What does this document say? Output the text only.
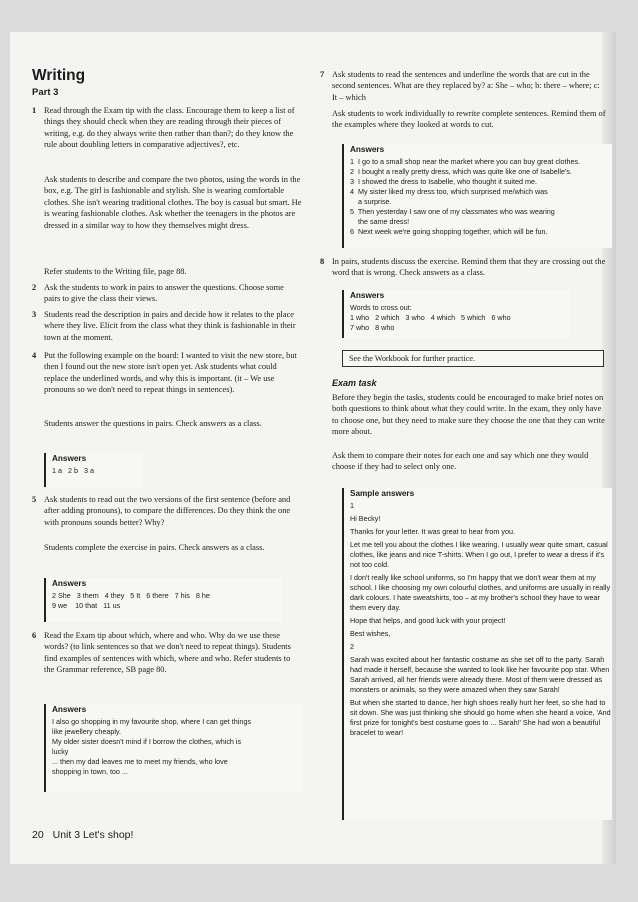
Writing
Part 3
1 Read through the Exam tip with the class. Encourage them to keep a list of things they should check when they are reading through their pieces of writing, e.g. do they always write then rather than than?; do they know the rule about doubling letters in comparative adjectives?, etc.

Ask students to describe and compare the two photos, using the words in the box, e.g. The girl is fashionable and stylish. She is wearing comfortable clothes. She isn't wearing traditional clothes. The boy is casual but smart. He is wearing fashionable clothes. Ask whether the teenagers in the photos are dressed in a similar way to how they themselves might dress.

Refer students to the Writing file, page 88.

2 Ask the students to work in pairs to answer the questions. Choose some pairs to give the class their views.

3 Students read the description in pairs and decide how it relates to the place where they live. Elicit from the class what they think is fashionable in their town at the moment.

4 Put the following example on the board: I wanted to visit the new store, but then I found out the new store isn't open yet. Ask students what could replace the underlined words, and why this is important. (it – We use pronouns so we don't need to repeat things in sentences).

Students answer the questions in pairs. Check answers as a class.

Answers
1 a   2 b   3 a
5 Ask students to read out the two versions of the first sentence (before and after adding pronouns), to compare the differences. Do they think the one with pronouns sounds better? Why?

Students complete the exercise in pairs. Check answers as a class.

Answers
2 She   3 them   4 they   5 It   6 there   7 his   8 he
9 we    10 that   11 us
6 Read the Exam tip about which, where and who. Why do we use these words? (to link sentences so that we don't need to repeat things). Students find examples of sentences with which, where and who. Refer students to the Grammar reference, SB page 80.

Answers
I also go shopping in my favourite shop, where I can get things
like jewellery cheaply.
My older sister doesn't mind if I borrow the clothes, which is
lucky
... then my dad leaves me to meet my friends, who love
shopping in town, too ...
7 Ask students to read the sentences and underline the words that are cut in the second sentences. What are they replaced by? a: She – who; b: there – where; c: It – which

Ask students to work individually to rewrite complete sentences. Remind them of the examples where they looked at words to cut.

Answers
1  I go to a small shop near the market where you can buy great clothes.
2  I bought a really pretty dress, which was quite like one of Isabelle's.
3  I showed the dress to Isabelle, who thought it suited me.
4  My sister liked my dress too, which surprised me/which was
a surprise.
5  Then yesterday I saw one of my classmates who was wearing
the same dress!
6  Next week we're going shopping together, which will be fun.
8 In pairs, students discuss the exercise. Remind them that they are crossing out the word that is wrong. Check answers as a class.

Answers
Words to cross out:
1 who   2 which   3 who   4 which   5 which   6 who
7 who   8 who
See the Workbook for further practice.
Exam task

Before they begin the tasks, students could be encouraged to make brief notes on both questions to think about what they could write. In the exam, they only have to choose one, but they need to make sure they choose the one that they can write more about.

Ask them to compare their notes for each one and say which one they would choose if they had to select only one.

Sample answers
1
Hi Becky!
Thanks for your letter. It was great to hear from you.
Let me tell you about the clothes I like wearing. I usually wear quite smart, casual clothes, like jeans and nice T-shirts. When I go out, I prefer to wear a dress if it's not too cold.
I don't really like school uniforms, so I'm happy that we don't wear them at my school. I like choosing my own colourful clothes, and uniforms are usually in really dark colours. I hate sweatshirts, too – at my brother's school they have to wear them every day.
Hope that helps, and good luck with your project!
Best wishes,
2
Sarah was excited about her fantastic costume as she set off to the party. Sarah had made it herself, because she wanted to look like her favourite pop star. When Sarah arrived, all her friends were already there. Most of them were dressed as monsters or animals, so they were amazed when they saw Sarah!
But when she started to dance, her high shoes really hurt her feet, so she had to sit down. She was just thinking she should go home when she heard a voice, 'And first prize for tonight's best costume goes to ... Sarah!' She had won a beautiful bracelet to wear!
20 Unit 3 Let's shop!
